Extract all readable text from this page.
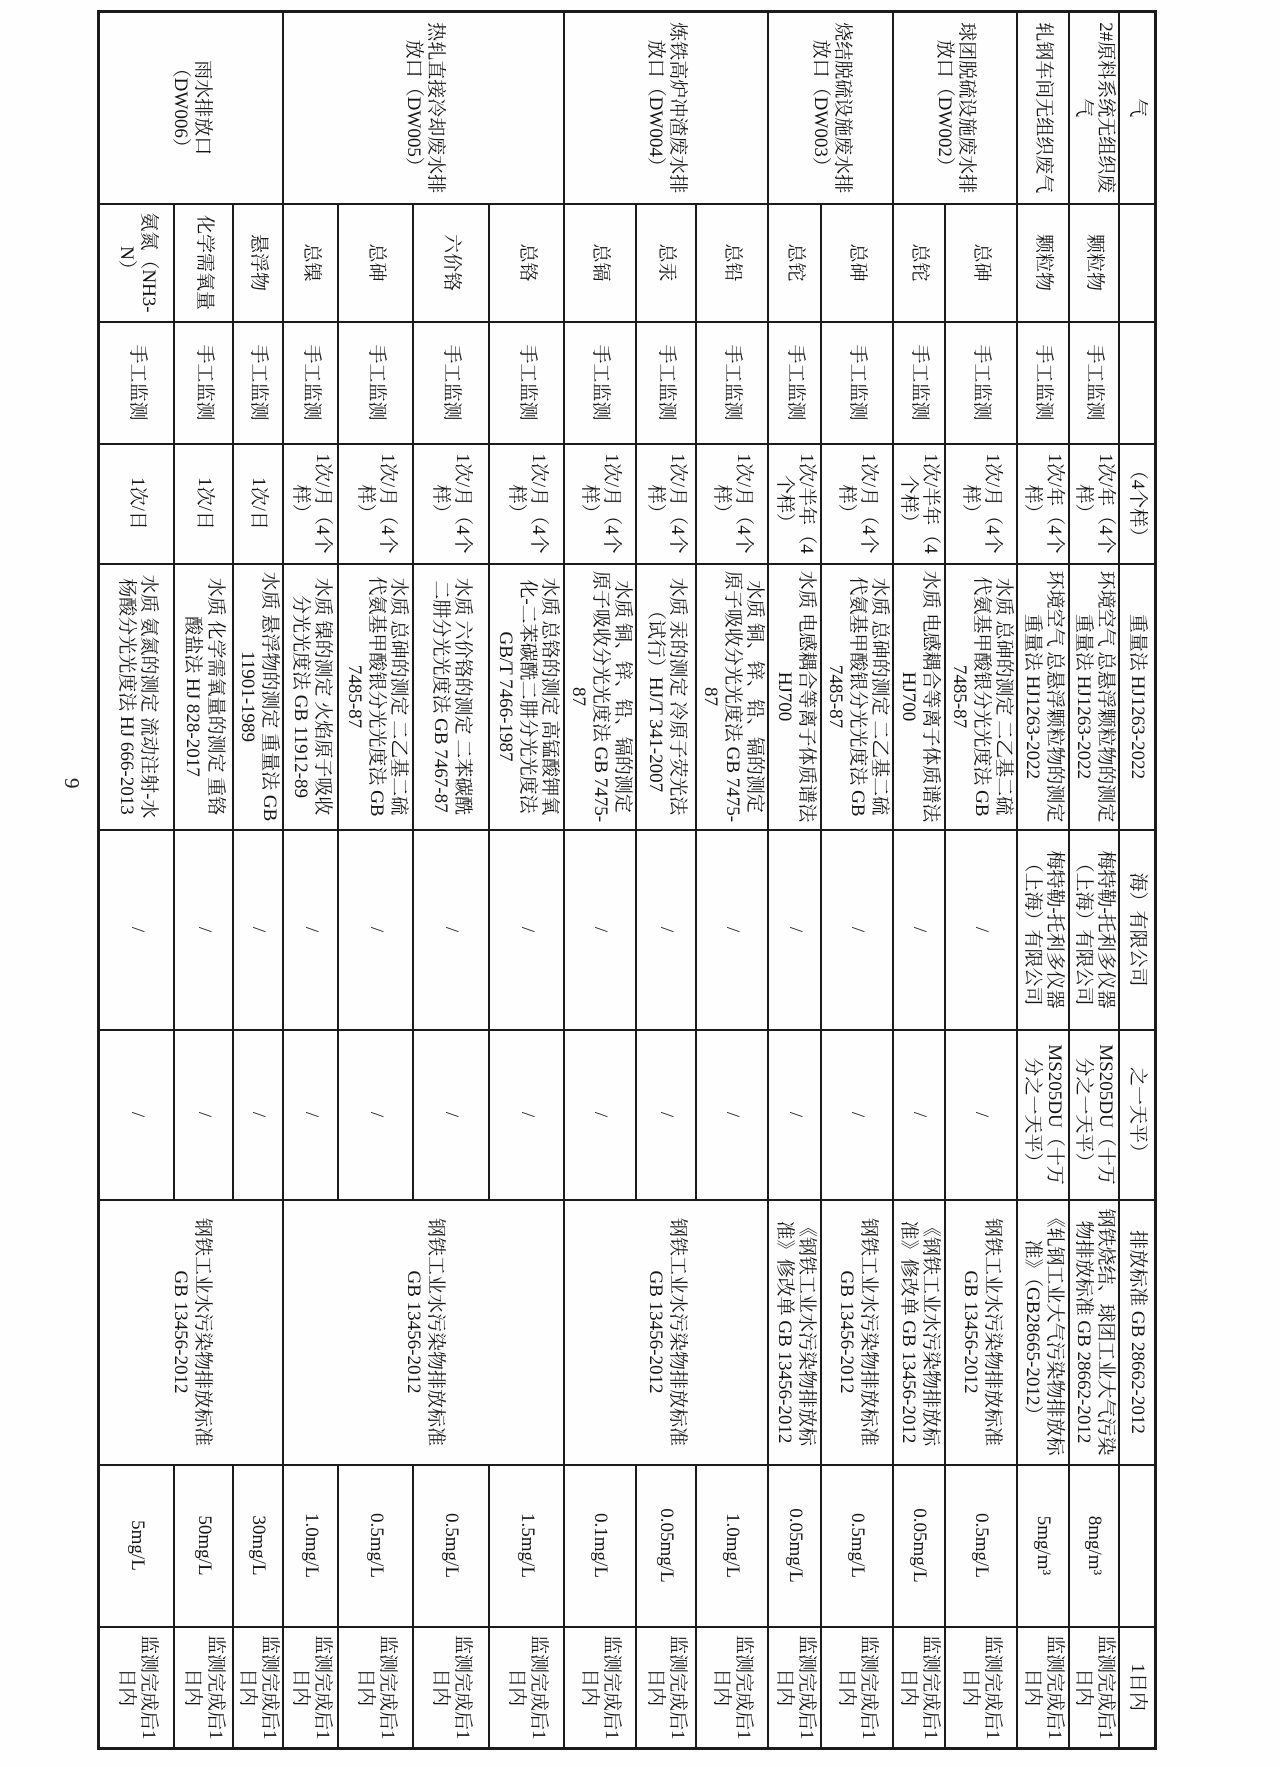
气			（4个样）	重量法 HJ1263-2022	海）有限公司	之一天平）	排放标准 GB 28662-2012		1日内
2#原料系统无组织废气	颗粒物	手工监测	1次/年（4个样）	环境空气 总悬浮颗粒物的测定 重量法 HJ1263-2022	梅特勒-托利多仪器（上海）有限公司	MS205DU（十万分之一天平）	钢铁烧结、球团工业大气污染物排放标准 GB 28662-2012	8mg/m³	监测完成后1日内
轧钢车间无组织废气	颗粒物	手工监测	1次/年（4个样）	环境空气 总悬浮颗粒物的测定 重量法 HJ1263-2022	梅特勒-托利多仪器（上海）有限公司	MS205DU（十万分之一天平）	《轧钢工业大气污染物排放标准》（GB28665-2012）	5mg/m³	监测完成后1日内
球团脱硫设施废水排放口（DW002）	总砷	手工监测	1次/月（4个样）	水质 总砷的测定 二乙基二硫代氨基甲酸银分光光度法 GB 7485-87	/	/	钢铁工业水污染物排放标准 GB 13456-2012	0.5mg/L	监测完成后1日内
	总铊	手工监测	1次/半年（4个样）	水质 电感耦合等离子体质谱法 HJ700	/	/	《钢铁工业水污染物排放标准》修改单 GB 13456-2012	0.05mg/L	监测完成后1日内
烧结脱硫设施废水排放口（DW003）	总砷	手工监测	1次/月（4个样）	水质 总砷的测定 二乙基二硫代氨基甲酸银分光光度法 GB 7485-87	/	/	钢铁工业水污染物排放标准 GB 13456-2012	0.5mg/L	监测完成后1日内
	总铊	手工监测	1次/半年（4个样）	水质 电感耦合等离子体质谱法 HJ700	/	/	《钢铁工业水污染物排放标准》修改单 GB 13456-2012	0.05mg/L	监测完成后1日内
炼铁高炉冲渣废水排放口（DW004）	总铅	手工监测	1次/月（4个样）	水质 铜、锌、铅、镉的测定 原子吸收分光光度法 GB 7475-87	/	/	钢铁工业水污染物排放标准 GB 13456-2012	1.0mg/L	监测完成后1日内
	总汞	手工监测	1次/月（4个样）	水质 汞的测定 冷原子荧光法（试行）HJ/T 341-2007	/	/		0.05mg/L	监测完成后1日内
	总镉	手工监测	1次/月（4个样）	水质 铜、锌、铅、镉的测定 原子吸收分光光度法 GB 7475-87	/	/		0.1mg/L	监测完成后1日内
热轧直接冷却废水排放口（DW005）	总铬	手工监测	1次/月（4个样）	水质 总铬的测定 高锰酸钾氧化-二苯碳酰二肼分光光度法 GB/T 7466-1987	/	/	钢铁工业水污染物排放标准 GB 13456-2012	1.5mg/L	监测完成后1日内
	六价铬	手工监测	1次/月（4个样）	水质 六价铬的测定 二苯碳酰二肼分光光度法 GB 7467-87	/	/		0.5mg/L	监测完成后1日内
	总砷	手工监测	1次/月（4个样）	水质 总砷的测定 二乙基二硫代氨基甲酸银分光光度法 GB 7485-87	/	/		0.5mg/L	监测完成后1日内
	总镍	手工监测	1次/月（4个样）	水质 镍的测定 火焰原子吸收分光光度法 GB 11912-89	/	/		1.0mg/L	监测完成后1日内
雨水排放口（DW006）	悬浮物	手工监测	1次/日	水质 悬浮物的测定 重量法 GB 11901-1989	/	/	钢铁工业水污染物排放标准 GB 13456-2012	30mg/L	监测完成后1日内
	化学需氧量	手工监测	1次/日	水质 化学需氧量的测定 重铬酸盐法 HJ 828-2017	/	/		50mg/L	监测完成后1日内
	氨氮（NH3-N）	手工监测	1次/日	水质 氨氮的测定 流动注射-水杨酸分光光度法 HJ 666-2013	/	/		5mg/L	监测完成后1日内
9
